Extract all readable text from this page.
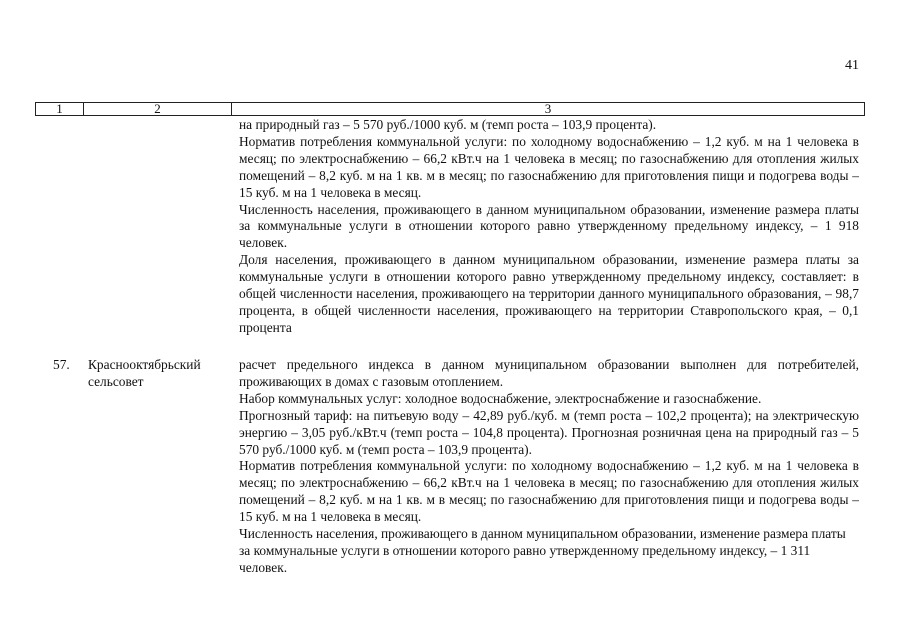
41
1	2	3

на природный газ – 5 570 руб./1000 куб. м (темп роста – 103,9 процента).

Норматив потребления коммунальной услуги: по холодному водоснабжению – 1,2 куб. м на 1 человека в месяц; по электроснабжению – 66,2 кВт.ч на 1 человека в месяц; по газоснабжению для отопления жилых помещений – 8,2 куб. м на 1 кв. м в месяц; по газоснабжению для приготовления пищи и подогрева воды – 15 куб. м на 1 человека в месяц.

Численность населения, проживающего в данном муниципальном образовании, изменение размера платы за коммунальные услуги в отношении которого равно утвержденному предельному индексу, – 1 918 человек.

Доля населения, проживающего в данном муниципальном образовании, изменение размера платы за коммунальные услуги в отношении которого равно утвержденному предельному индексу, составляет: в общей численности населения, проживающего на территории данного муниципального образования, – 98,7 процента, в общей численности населения, проживающего на территории Ставропольского края, – 0,1 процента

57. Красноoктябрьский
сельсовет

расчет предельного индекса в данном муниципальном образовании выполнен для потребителей, проживающих в домах с газовым отоплением.

Набор коммунальных услуг: холодное водоснабжение, электроснабжение и газоснабжение.

Прогнозный тариф: на питьевую воду – 42,89 руб./куб. м (темп роста – 102,2 процента); на электрическую энергию – 3,05 руб./кВт.ч (темп роста – 104,8 процента). Прогнозная розничная цена на природный газ – 5 570 руб./1000 куб. м (темп роста – 103,9 процента).

Норматив потребления коммунальной услуги: по холодному водоснабжению – 1,2 куб. м на 1 человека в месяц; по электроснабжению – 66,2 кВт.ч на 1 человека в месяц; по газоснабжению для отопления жилых помещений – 8,2 куб. м на 1 кв. м в месяц; по газоснабжению для приготовления пищи и подогрева воды – 15 куб. м на 1 человека в месяц.

Численность населения, проживающего в данном муниципальном образовании, изменение размера платы за коммунальные услуги в отношении которого равно утвержденному предельному индексу, – 1 311 человек.
